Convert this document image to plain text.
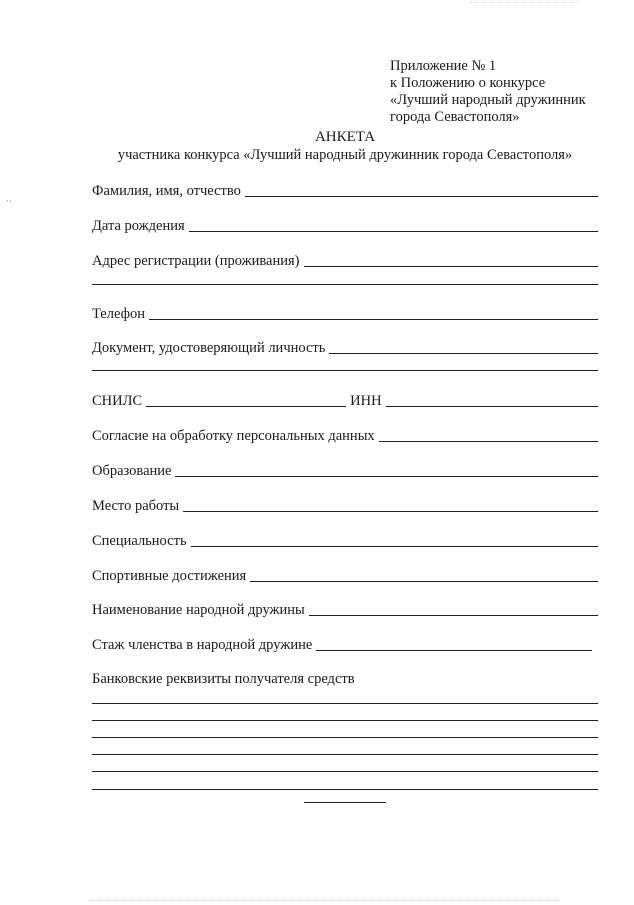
⋅·
Приложение № 1
к Положению о конкурсе
«Лучший народный дружинник
города Севастополя»
АНКЕТА
участника конкурса «Лучший народный дружинник города Севастополя»
Фамилия, имя, отчество
Дата рождения
Адрес регистрации (проживания)
Телефон
Документ, удостоверяющий личность
СНИЛС	ИНН
Согласие на обработку персональных данных
Образование
Место работы
Специальность
Спортивные достижения
Наименование народной дружины
Стаж членства в народной дружине
Банковские реквизиты получателя средств
